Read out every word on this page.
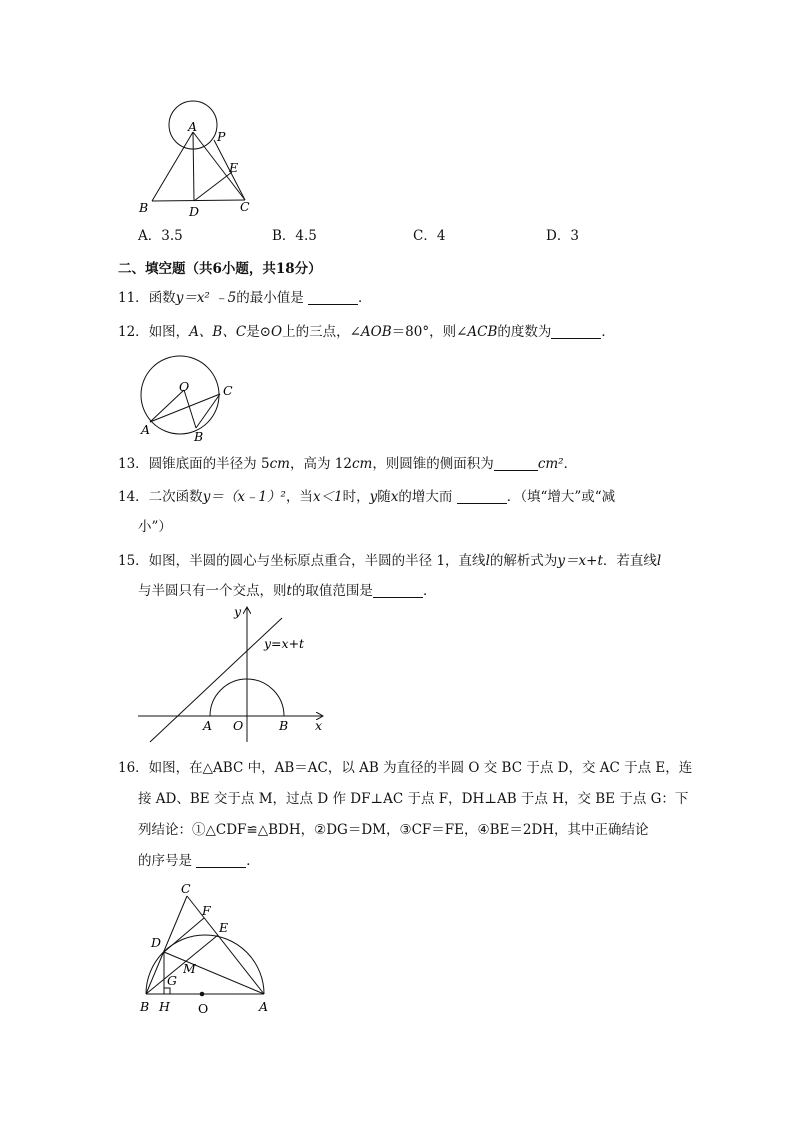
A
P
E
B	D	C
A．3.5	B．4.5	C．4	D．3
二、填空题（共6小题，共18分）
11．函数y＝x² ﹣5的最小值是	．
12．如图，A、B、C是⊙O上的三点，∠AOB＝80°，则∠ACB的度数为	．
O	C
A	B
13．圆锥底面的半径为 5cm，高为 12cm，则圆锥的侧面积为	cm²．
14．二次函数y＝（x﹣1）²，当x＜1时，y随x的增大而	．（填“增大”或“减
小”）
15．如图，半圆的圆心与坐标原点重合，半圆的半径 1，直线l的解析式为y＝x+t．若直线l
与半圆只有一个交点，则t的取值范围是	．
y
y=x+t
A O	B x
16．如图，在△ABC 中，AB＝AC，以 AB 为直径的半圆 O 交 BC 于点 D，交 AC 于点 E，连
接 AD、BE 交于点 M，过点 D 作 DF⊥AC 于点 F，DH⊥AB 于点 H，交 BE 于点 G：下
列结论：①△CDF≌△BDH，②DG＝DM，③CF＝FE，④BE＝2DH，其中正确结论
的序号是	．
C
F
E
D
M
G
B H O	A
